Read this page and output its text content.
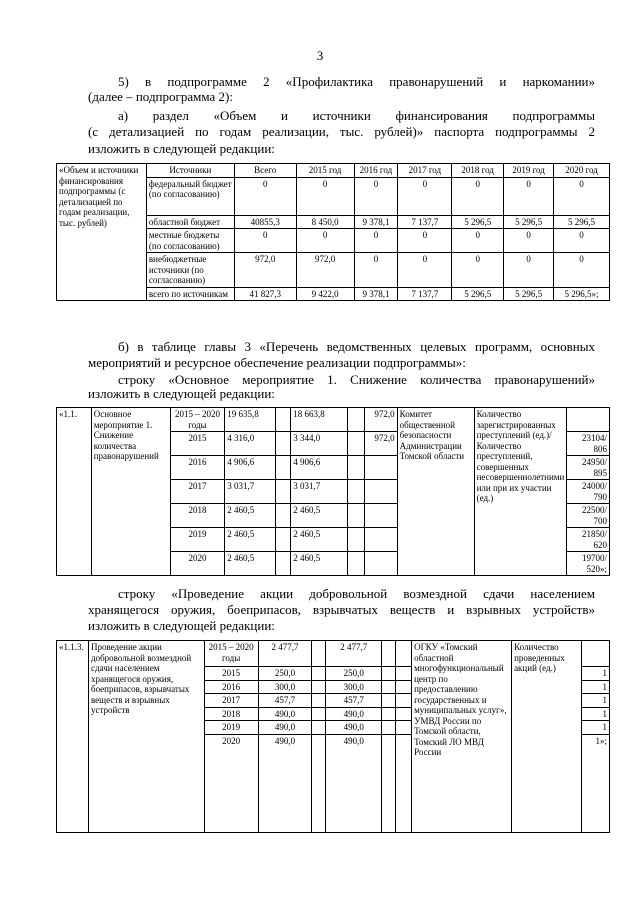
3
5) в подпрограмме 2 «Профилактика правонарушений и наркомании»
(далее – подпрограмма 2):
а) раздел «Объем и источники финансирования подпрограммы
(с детализацией по годам реализации, тыс. рублей)» паспорта подпрограммы 2
изложить в следующей редакции:
«Объем и источники финансирования подпрограммы (с детализацией по годам реализации, тыс. рублей)	Источники	Всего	2015 год	2016 год	2017 год	2018 год	2019 год	2020 год
	федеральный бюджет (по согласованию)	0	0	0	0	0	0	0
	областной бюджет	40855,3	8 450,0	9 378,1	7 137,7	5 296,5	5 296,5	5 296,5
	местные бюджеты (по согласованию)	0	0	0	0	0	0	0
	внебюджетные источники (по согласованию)	972,0	972,0	0	0	0	0	0
	всего по источникам	41 827,3	9 422,0	9 378,1	7 137,7	5 296,5	5 296,5	5 296,5»;
б) в таблице главы 3 «Перечень ведомственных целевых программ, основных
мероприятий и ресурсное обеспечение реализации подпрограммы»:
строку «Основное мероприятие 1. Снижение количества правонарушений»
изложить в следующей редакции:
«1.1.	Основное мероприятие 1. Снижение количества правонарушений	2015 – 2020 годы	19 635,8		18 663,8		972,0	Комитет общественной безопасности Администрации Томской области	Количество зарегистрированных преступлений (ед.)/ Количество преступлений, совершенных несовершеннолетними или при их участии (ед.)	
		2015	4 316,0		3 344,0		972,0			23104/ 806
		2016	4 906,6		4 906,6					24950/ 895
		2017	3 031,7		3 031,7					24000/ 790
		2018	2 460,5		2 460,5					22500/ 700
		2019	2 460,5		2 460,5					21850/ 620
		2020	2 460,5		2 460,5					19700/ 520»;
строку «Проведение акции добровольной возмездной сдачи населением
хранящегося оружия, боеприпасов, взрывчатых веществ и взрывных устройств»
изложить в следующей редакции:
«1.1.3.	Проведение акции добровольной возмездной сдачи населением хранящегося оружия, боеприпасов, взрывчатых веществ и взрывных устройств	2015 – 2020 годы	2 477,7		2 477,7			ОГКУ «Томский областной многофункциональный центр по предоставлению государственных и муниципальных услуг», УМВД России по Томской области, Томский ЛО МВД России	Количество проведенных акций (ед.)	
		2015	250,0		250,0					1
		2016	300,0		300,0					1
		2017	457,7		457,7					1
		2018	490,0		490,0					1
		2019	490,0		490,0					1
		2020	490,0		490,0					1»;
